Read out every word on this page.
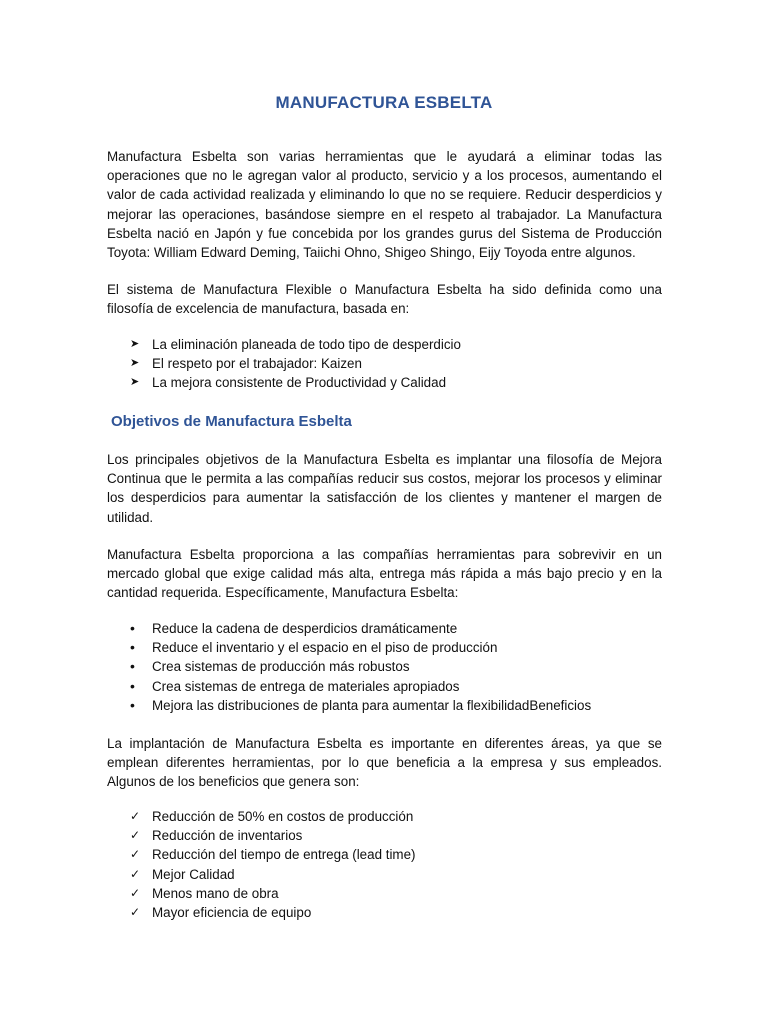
MANUFACTURA ESBELTA

Manufactura Esbelta son varias herramientas que le ayudará a eliminar todas las operaciones que no le agregan valor al producto, servicio y a los procesos, aumentando el valor de cada actividad realizada y eliminando lo que no se requiere. Reducir desperdicios y mejorar las operaciones, basándose siempre en el respeto al trabajador. La Manufactura Esbelta nació en Japón y fue concebida por los grandes gurus del Sistema de Producción Toyota: William Edward Deming, Taiichi Ohno, Shigeo Shingo, Eijy Toyoda entre algunos.

El sistema de Manufactura Flexible o Manufactura Esbelta ha sido definida como una filosofía de excelencia de manufactura, basada en:

➤ La eliminación planeada de todo tipo de desperdicio
➤ El respeto por el trabajador: Kaizen
➤ La mejora consistente de Productividad y Calidad
Objetivos de Manufactura Esbelta

Los principales objetivos de la Manufactura Esbelta es implantar una filosofía de Mejora Continua que le permita a las compañías reducir sus costos, mejorar los procesos y eliminar los desperdicios para aumentar la satisfacción de los clientes y mantener el margen de utilidad.

Manufactura Esbelta proporciona a las compañías herramientas para sobrevivir en un mercado global que exige calidad más alta, entrega más rápida a más bajo precio y en la cantidad requerida. Específicamente, Manufactura Esbelta:

•	Reduce la cadena de desperdicios dramáticamente
•	Reduce el inventario y el espacio en el piso de producción
•	Crea sistemas de producción más robustos
•	Crea sistemas de entrega de materiales apropiados
•	Mejora las distribuciones de planta para aumentar la flexibilidadBeneficios

La implantación de Manufactura Esbelta es importante en diferentes áreas, ya que se emplean diferentes herramientas, por lo que beneficia a la empresa y sus empleados. Algunos de los beneficios que genera son:

✓ Reducción de 50% en costos de producción
✓ Reducción de inventarios
✓ Reducción del tiempo de entrega (lead time)
✓ Mejor Calidad
✓ Menos mano de obra
✓ Mayor eficiencia de equipo
